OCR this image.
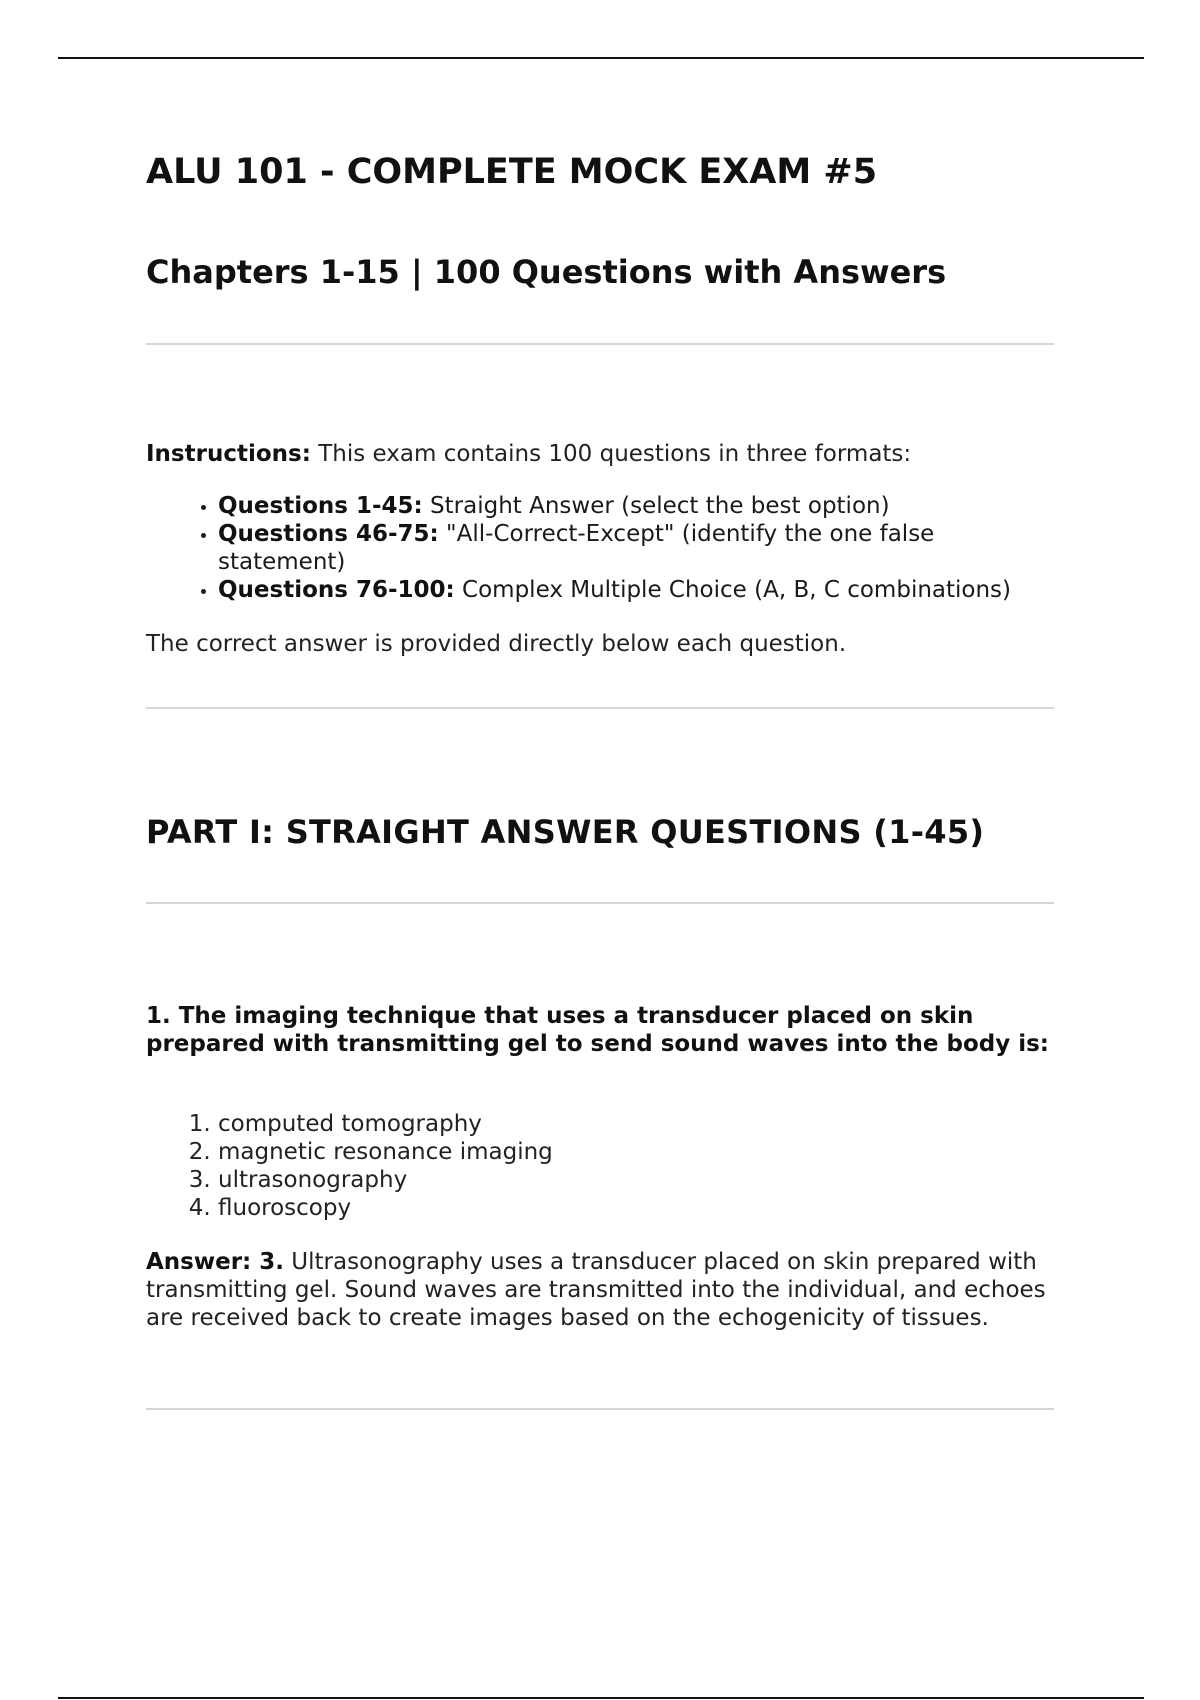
ALU 101 - COMPLETE MOCK EXAM #5
Chapters 1-15 | 100 Questions with Answers

Instructions: This exam contains 100 questions in three formats:

• Questions 1-45: Straight Answer (select the best option)
• Questions 46-75: "All-Correct-Except" (identify the one false statement)
• Questions 76-100: Complex Multiple Choice (A, B, C combinations)

The correct answer is provided directly below each question.

PART I: STRAIGHT ANSWER QUESTIONS (1-45)

1. The imaging technique that uses a transducer placed on skin prepared with transmitting gel to send sound waves into the body is:

1. computed tomography
2. magnetic resonance imaging
3. ultrasonography
4. fluoroscopy

Answer: 3. Ultrasonography uses a transducer placed on skin prepared with transmitting gel. Sound waves are transmitted into the individual, and echoes are received back to create images based on the echogenicity of tissues.
